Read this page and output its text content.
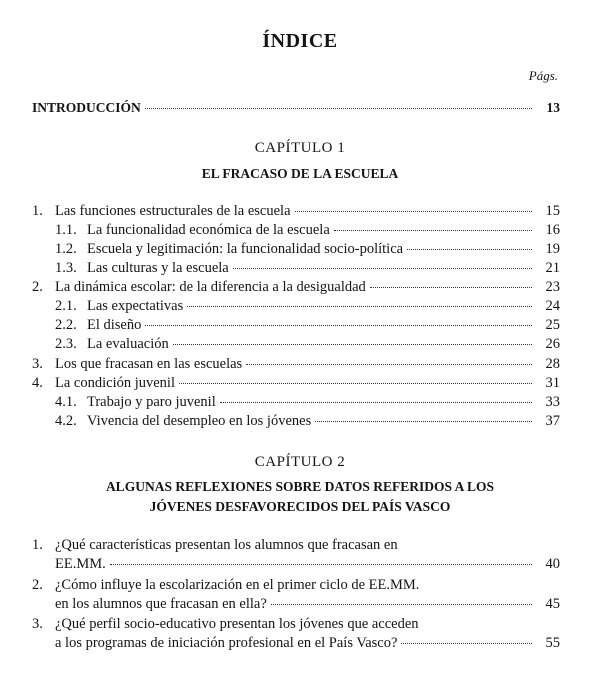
ÍNDICE
Págs.
INTRODUCCIÓN	13
CAPÍTULO 1
EL FRACASO DE LA ESCUELA
1. Las funciones estructurales de la escuela	15
1.1. La funcionalidad económica de la escuela	16
1.2. Escuela y legitimación: la funcionalidad socio-política	19
1.3. Las culturas y la escuela	21
2. La dinámica escolar: de la diferencia a la desigualdad	23
2.1. Las expectativas	24
2.2. El diseño	25
2.3. La evaluación	26
3. Los que fracasan en las escuelas	28
4. La condición juvenil	31
4.1. Trabajo y paro juvenil	33
4.2. Vivencia del desempleo en los jóvenes	37
CAPÍTULO 2
ALGUNAS REFLEXIONES SOBRE DATOS REFERIDOS A LOS
JÓVENES DESFAVORECIDOS DEL PAÍS VASCO
1. ¿Qué características presentan los alumnos que fracasan en
EE.MM.	40
2. ¿Cómo influye la escolarización en el primer ciclo de EE.MM.
en los alumnos que fracasan en ella?	45
3. ¿Qué perfil socio-educativo presentan los jóvenes que acceden
a los programas de iniciación profesional en el País Vasco?	55
